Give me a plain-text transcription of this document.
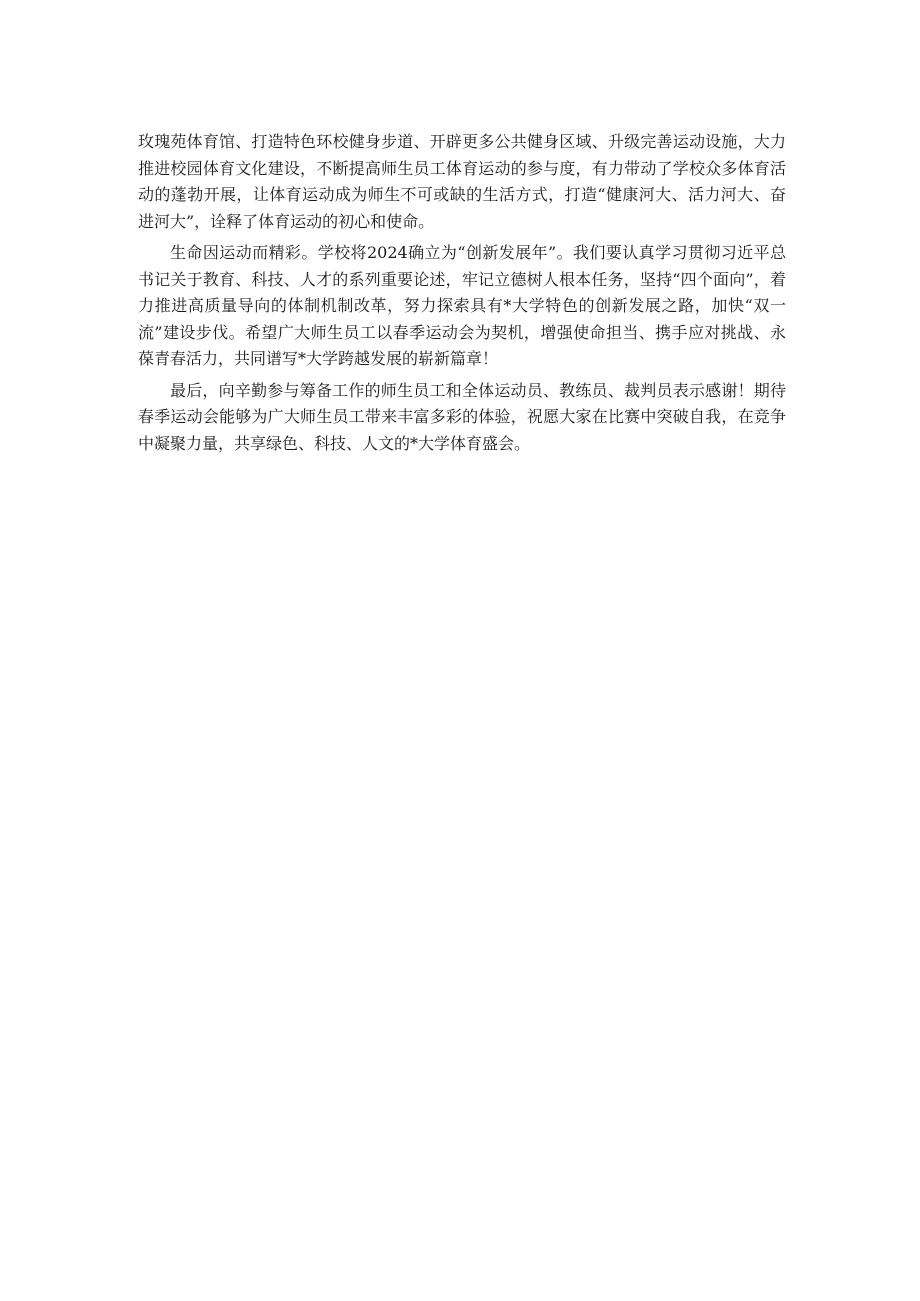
玫瑰苑体育馆、打造特色环校健身步道、开辟更多公共健身区域、升级完善运动设施，大力推进校园体育文化建设，不断提高师生员工体育运动的参与度，有力带动了学校众多体育活动的蓬勃开展，让体育运动成为师生不可或缺的生活方式，打造“健康河大、活力河大、奋进河大”，诠释了体育运动的初心和使命。

生命因运动而精彩。学校将2024确立为“创新发展年”。我们要认真学习贯彻习近平总书记关于教育、科技、人才的系列重要论述，牢记立德树人根本任务，坚持“四个面向”，着力推进高质量导向的体制机制改革，努力探索具有*大学特色的创新发展之路，加快“双一流”建设步伐。希望广大师生员工以春季运动会为契机，增强使命担当、携手应对挑战、永葆青春活力，共同谱写*大学跨越发展的崭新篇章！

最后，向辛勤参与筹备工作的师生员工和全体运动员、教练员、裁判员表示感谢！期待春季运动会能够为广大师生员工带来丰富多彩的体验，祝愿大家在比赛中突破自我，在竞争中凝聚力量，共享绿色、科技、人文的*大学体育盛会。
